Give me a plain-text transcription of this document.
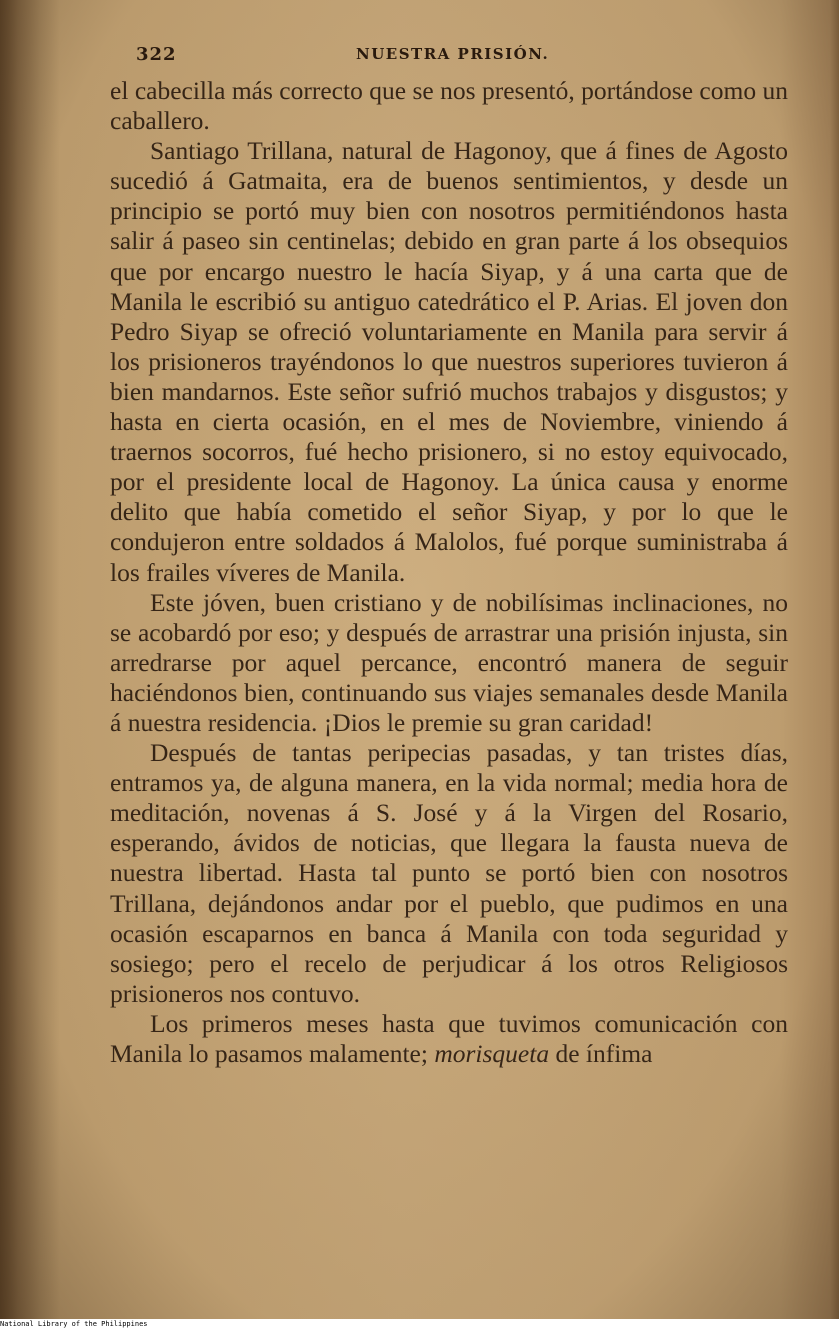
322	NUESTRA PRISIÓN.

el cabecilla más correcto que se nos presentó, portándose como un caballero.

Santiago Trillana, natural de Hagonoy, que á fines de Agosto sucedió á Gatmaita, era de buenos sentimientos, y desde un principio se portó muy bien con nosotros permitiéndonos hasta salir á paseo sin centinelas; debido en gran parte á los obsequios que por encargo nuestro le hacía Siyap, y á una carta que de Manila le escribió su antiguo catedrático el P. Arias. El joven don Pedro Siyap se ofreció voluntariamente en Manila para servir á los prisioneros trayéndonos lo que nuestros superiores tuvieron á bien mandarnos. Este señor sufrió muchos trabajos y disgustos; y hasta en cierta ocasión, en el mes de Noviembre, viniendo á traernos socorros, fué hecho prisionero, si no estoy equivocado, por el presidente local de Hagonoy. La única causa y enorme delito que había cometido el señor Siyap, y por lo que le condujeron entre soldados á Malolos, fué porque suministraba á los frailes víveres de Manila.

Este jóven, buen cristiano y de nobilísimas inclinaciones, no se acobardó por eso; y después de arrastrar una prisión injusta, sin arredrarse por aquel percance, encontró manera de seguir haciéndonos bien, continuando sus viajes semanales desde Manila á nuestra residencia. ¡Dios le premie su gran caridad!

Después de tantas peripecias pasadas, y tan tristes días, entramos ya, de alguna manera, en la vida normal; media hora de meditación, novenas á S. José y á la Virgen del Rosario, esperando, ávidos de noticias, que llegara la fausta nueva de nuestra libertad. Hasta tal punto se portó bien con nosotros Trillana, dejándonos andar por el pueblo, que pudimos en una ocasión escaparnos en banca á Manila con toda seguridad y sosiego; pero el recelo de perjudicar á los otros Religiosos prisioneros nos contuvo.

Los primeros meses hasta que tuvimos comunicación con Manila lo pasamos malamente; morisqueta de ínfima

National Library of the Philippines
